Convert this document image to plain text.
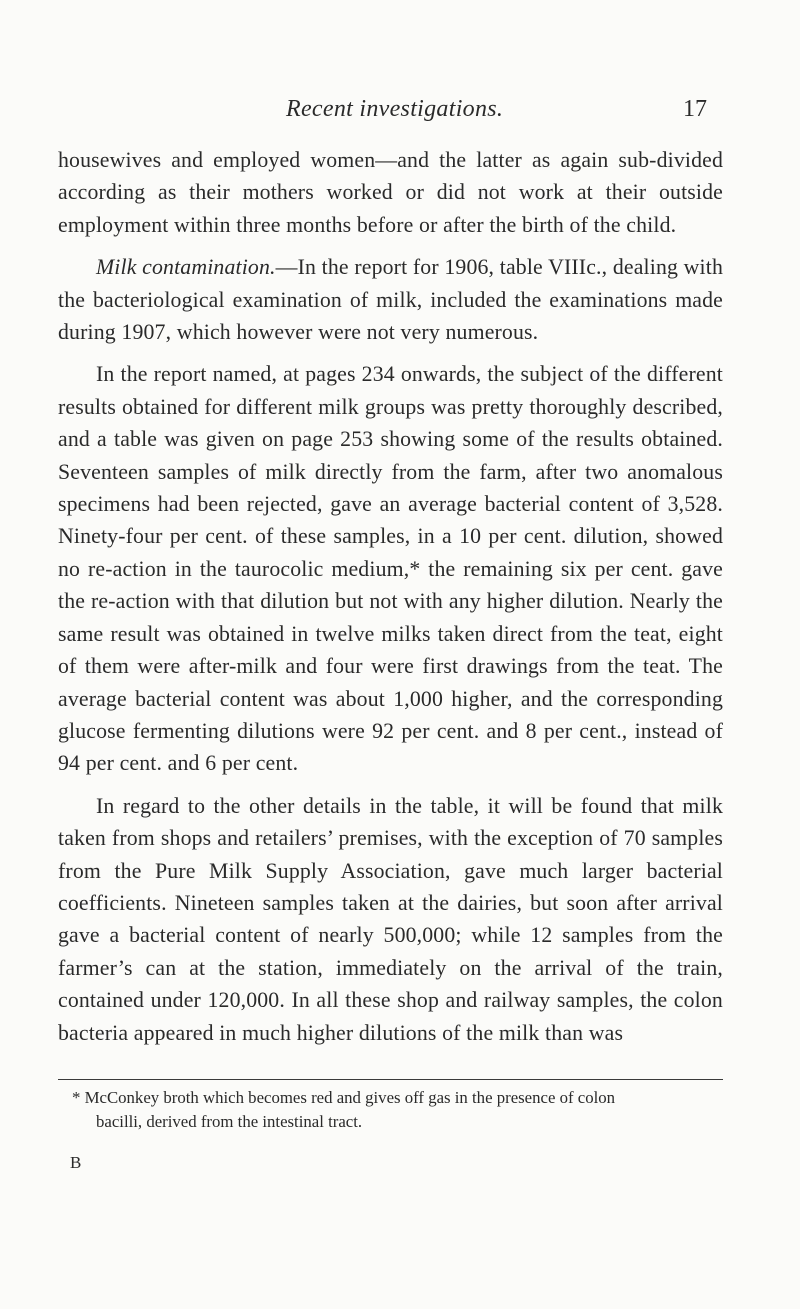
Recent investigations.	17

housewives and employed women—and the latter as again sub-divided according as their mothers worked or did not work at their outside employment within three months before or after the birth of the child.

Milk contamination.—In the report for 1906, table VIIIc., dealing with the bacteriological examination of milk, included the examinations made during 1907, which however were not very numerous.

In the report named, at pages 234 onwards, the subject of the different results obtained for different milk groups was pretty thoroughly described, and a table was given on page 253 showing some of the results obtained. Seventeen samples of milk directly from the farm, after two anomalous specimens had been rejected, gave an average bacterial content of 3,528. Ninety-four per cent. of these samples, in a 10 per cent. dilution, showed no re-action in the taurocolic medium,* the remaining six per cent. gave the re-action with that dilution but not with any higher dilution. Nearly the same result was obtained in twelve milks taken direct from the teat, eight of them were after-milk and four were first drawings from the teat. The average bacterial content was about 1,000 higher, and the corresponding glucose fermenting dilutions were 92 per cent. and 8 per cent., instead of 94 per cent. and 6 per cent.

In regard to the other details in the table, it will be found that milk taken from shops and retailers’ premises, with the exception of 70 samples from the Pure Milk Supply Association, gave much larger bacterial coefficients. Nineteen samples taken at the dairies, but soon after arrival gave a bacterial content of nearly 500,000; while 12 samples from the farmer’s can at the station, immediately on the arrival of the train, contained under 120,000. In all these shop and railway samples, the colon bacteria appeared in much higher dilutions of the milk than was

* McConkey broth which becomes red and gives off gas in the presence of colon
bacilli, derived from the intestinal tract.
B
